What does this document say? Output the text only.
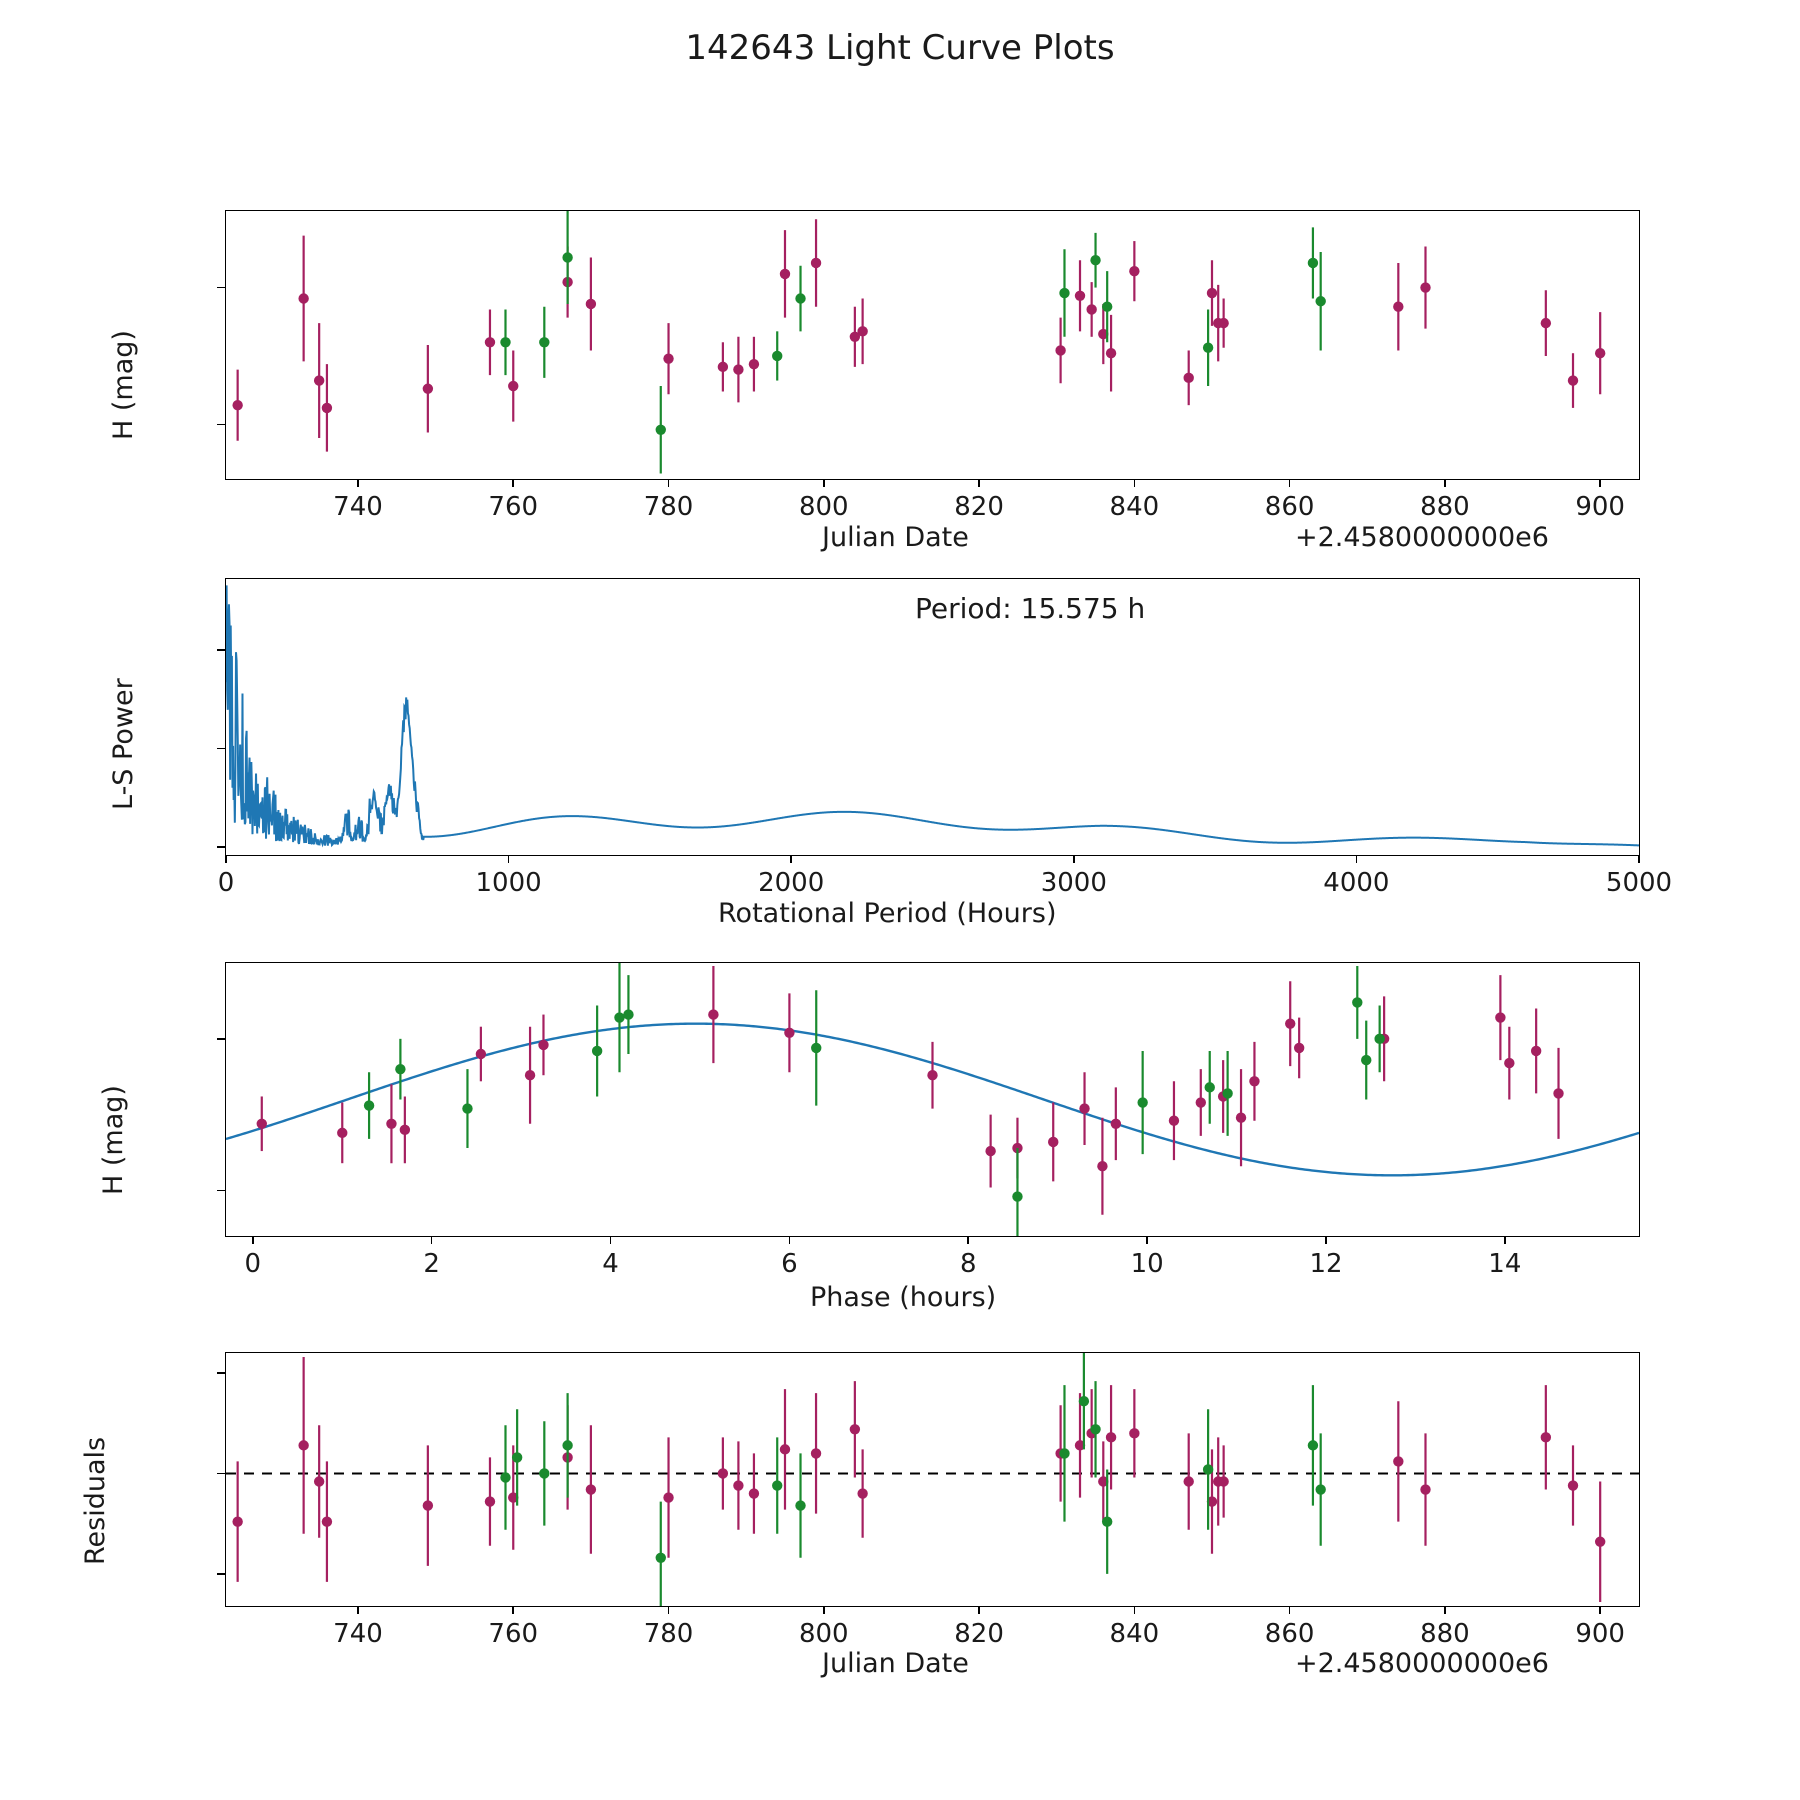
142643 Light Curve Plots
H (mag)
Julian Date	+2.4580000000e6
740	760	780	800	820	840	860	880	900
Period: 15.575 h
L-S Power
Rotational Period (Hours)
0	1000	2000	3000	4000	5000
H (mag)
Phase (hours)
0	2	4	6	8	10	12	14
Residuals
Julian Date	+2.4580000000e6
740	760	780	800	820	840	860	880	900
